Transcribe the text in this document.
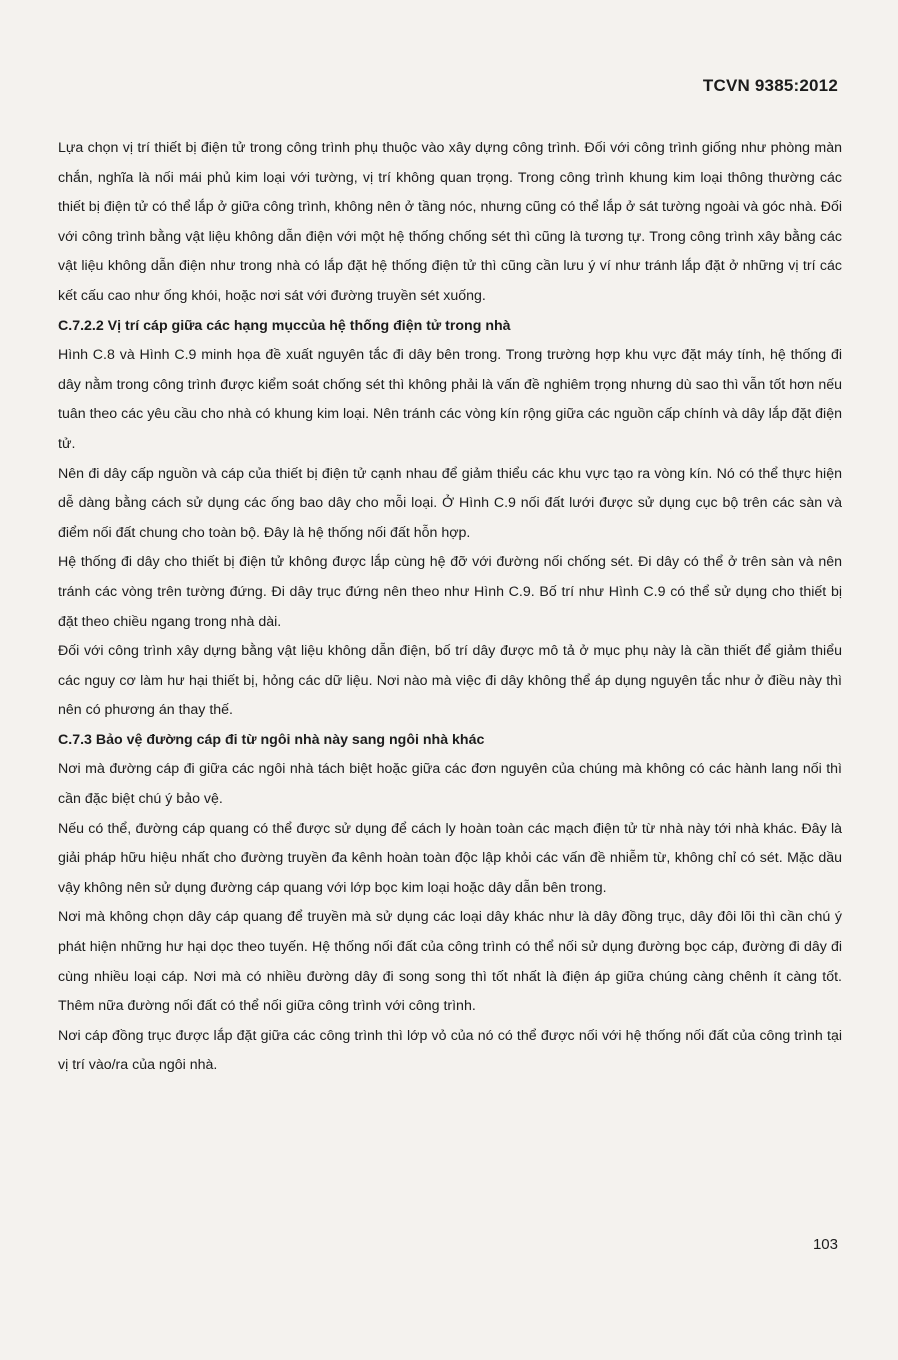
TCVN 9385:2012

Lựa chọn vị trí thiết bị điện tử trong công trình phụ thuộc vào xây dựng công trình. Đối với công trình giống như phòng màn chắn, nghĩa là nối mái phủ kim loại với tường, vị trí không quan trọng. Trong công trình khung kim loại thông thường các thiết bị điện tử có thể lắp ở giữa công trình, không nên ở tầng nóc, nhưng cũng có thể lắp ở sát tường ngoài và góc nhà. Đối với công trình bằng vật liệu không dẫn điện với một hệ thống chống sét thì cũng là tương tự. Trong công trình xây bằng các vật liệu không dẫn điện như trong nhà có lắp đặt hệ thống điện tử thì cũng cần lưu ý ví như tránh lắp đặt ở những vị trí các kết cấu cao như ống khói, hoặc nơi sát với đường truyền sét xuống.

C.7.2.2 Vị trí cáp giữa các hạng mụccủa hệ thống điện tử trong nhà

Hình C.8 và Hình C.9 minh họa đề xuất nguyên tắc đi dây bên trong. Trong trường hợp khu vực đặt máy tính, hệ thống đi dây nằm trong công trình được kiểm soát chống sét thì không phải là vấn đề nghiêm trọng nhưng dù sao thì vẫn tốt hơn nếu tuân theo các yêu cầu cho nhà có khung kim loại. Nên tránh các vòng kín rộng giữa các nguồn cấp chính và dây lắp đặt điện tử.

Nên đi dây cấp nguồn và cáp của thiết bị điện tử cạnh nhau để giảm thiểu các khu vực tạo ra vòng kín. Nó có thể thực hiện dễ dàng bằng cách sử dụng các ống bao dây cho mỗi loại. Ở Hình C.9 nối đất lưới được sử dụng cục bộ trên các sàn và điểm nối đất chung cho toàn bộ. Đây là hệ thống nối đất hỗn hợp.

Hệ thống đi dây cho thiết bị điện tử không được lắp cùng hệ đỡ với đường nối chống sét. Đi dây có thể ở trên sàn và nên tránh các vòng trên tường đứng. Đi dây trục đứng nên theo như Hình C.9. Bố trí như Hình C.9 có thể sử dụng cho thiết bị đặt theo chiều ngang trong nhà dài.

Đối với công trình xây dựng bằng vật liệu không dẫn điện, bố trí dây được mô tả ở mục phụ này là cần thiết để giảm thiểu các nguy cơ làm hư hại thiết bị, hỏng các dữ liệu. Nơi nào mà việc đi dây không thể áp dụng nguyên tắc như ở điều này thì nên có phương án thay thế.

C.7.3 Bảo vệ đường cáp đi từ ngôi nhà này sang ngôi nhà khác

Nơi mà đường cáp đi giữa các ngôi nhà tách biệt hoặc giữa các đơn nguyên của chúng mà không có các hành lang nối thì cần đặc biệt chú ý bảo vệ.

Nếu có thể, đường cáp quang có thể được sử dụng để cách ly hoàn toàn các mạch điện tử từ nhà này tới nhà khác. Đây là giải pháp hữu hiệu nhất cho đường truyền đa kênh hoàn toàn độc lập khỏi các vấn đề nhiễm từ, không chỉ có sét. Mặc dầu vậy không nên sử dụng đường cáp quang với lớp bọc kim loại hoặc dây dẫn bên trong.

Nơi mà không chọn dây cáp quang để truyền mà sử dụng các loại dây khác như là dây đồng trục, dây đôi lõi thì cần chú ý phát hiện những hư hại dọc theo tuyến. Hệ thống nối đất của công trình có thể nối sử dụng đường bọc cáp, đường đi dây đi cùng nhiều loại cáp. Nơi mà có nhiều đường dây đi song song thì tốt nhất là điện áp giữa chúng càng chênh ít càng tốt. Thêm nữa đường nối đất có thể nối giữa công trình với công trình.

Nơi cáp đồng trục được lắp đặt giữa các công trình thì lớp vỏ của nó có thể được nối với hệ thống nối đất của công trình tại vị trí vào/ra của ngôi nhà.

103
